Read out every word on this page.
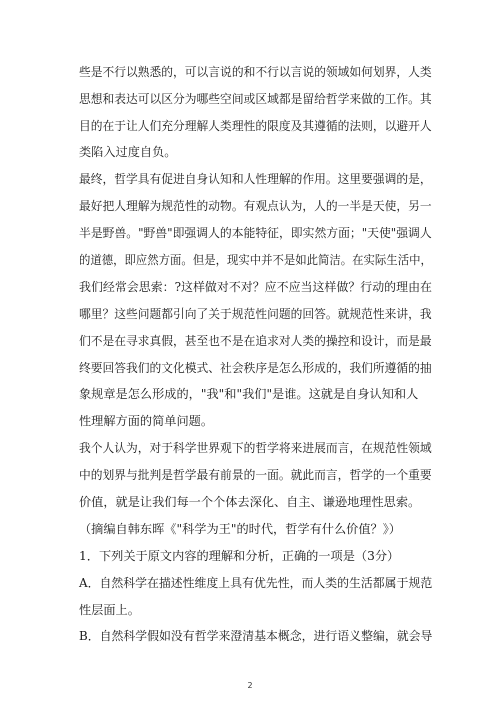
些是不行以熟悉的，可以言说的和不行以言说的领域如何划界，人类
思想和表达可以区分为哪些空间或区域都是留给哲学来做的工作。其
目的在于让人们充分理解人类理性的限度及其遵循的法则，以避开人
类陷入过度自负。
最终，哲学具有促进自身认知和人性理解的作用。这里要强调的是，
最好把人理解为规范性的动物。有观点认为，人的一半是天使，另一
半是野兽。"野兽"即强调人的本能特征，即实然方面；"天使"强调人
的道德，即应然方面。但是，现实中并不是如此简洁。在实际生活中，
我们经常会思索：?这样做对不对？应不应当这样做？行动的理由在
哪里？这些问题都引向了关于规范性问题的回答。就规范性来讲，我
们不是在寻求真假，甚至也不是在追求对人类的操控和设计，而是最
终要回答我们的文化模式、社会秩序是怎么形成的，我们所遵循的抽
象规章是怎么形成的，"我"和"我们"是谁。这就是自身认知和人
性理解方面的简单问题。
我个人认为，对于科学世界观下的哲学将来进展而言，在规范性领域
中的划界与批判是哲学最有前景的一面。就此而言，哲学的一个重要
价值，就是让我们每一个个体去深化、自主、谦逊地理性思索。
（摘编自韩东晖《"科学为王"的时代，哲学有什么价值？》）
1．下列关于原文内容的理解和分析，正确的一项是（3分）
A．自然科学在描述性维度上具有优先性，而人类的生活都属于规范
性层面上。
B．自然科学假如没有哲学来澄清基本概念，进行语义整编，就会导
2
